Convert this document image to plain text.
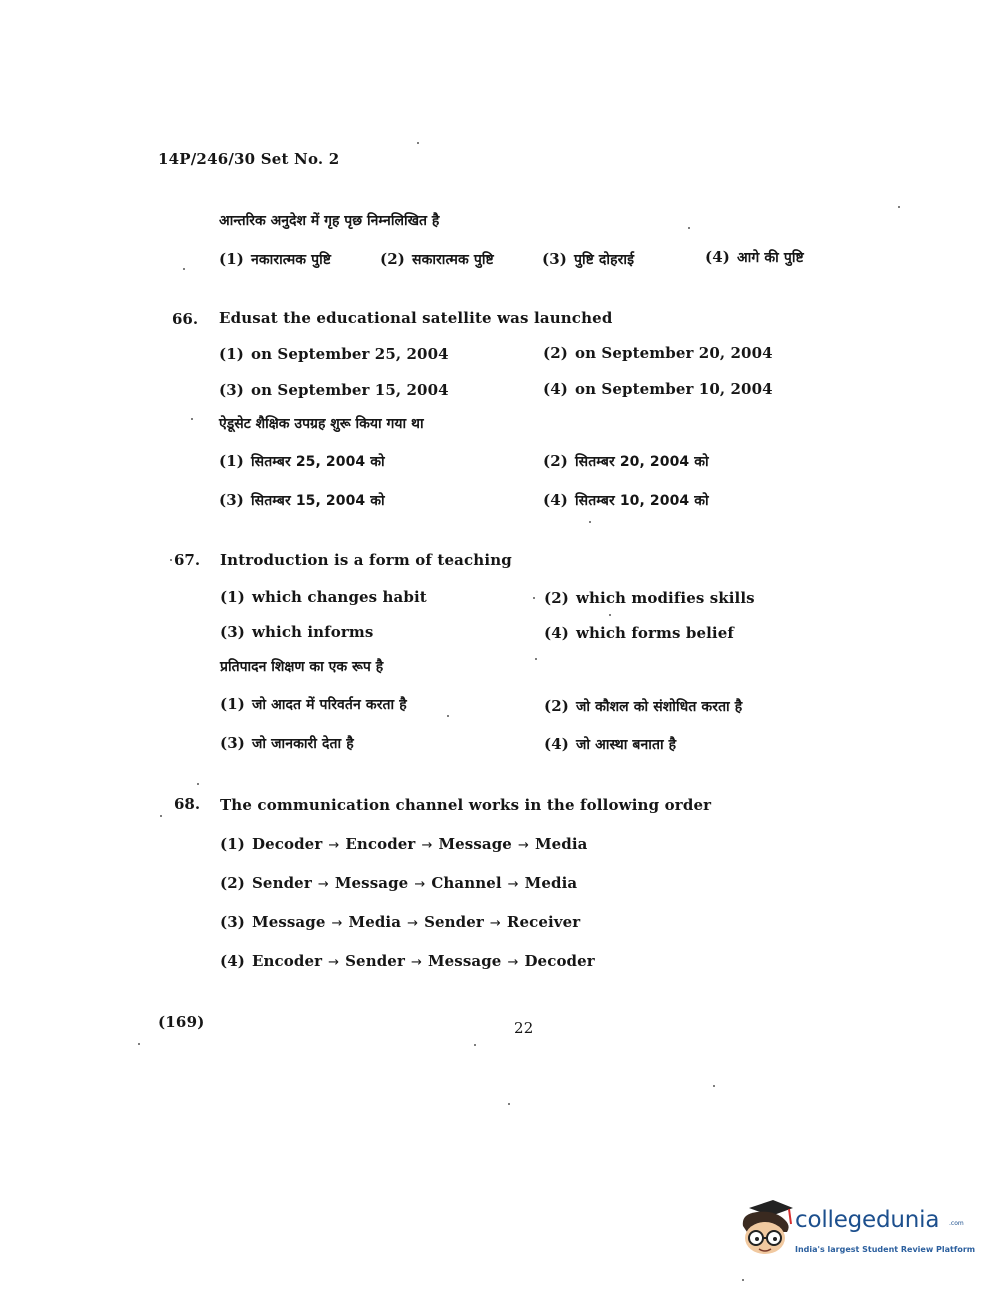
14P/246/30 Set No. 2
आन्तरिक अनुदेश में गृह पृछ निम्नलिखित है
(1) नकारात्मक पुष्टि	(2) सकारात्मक पुष्टि	(3) पुष्टि दोहराई	(4) आगे की पुष्टि
66. Edusat the educational satellite was launched
(1) on September 25, 2004	(2) on September 20, 2004
(3) on September 15, 2004	(4) on September 10, 2004
ऐडूसेट शैक्षिक उपग्रह शुरू किया गया था
(1) सितम्बर 25, 2004 को	(2) सितम्बर 20, 2004 को
(3) सितम्बर 15, 2004 को	(4) सितम्बर 10, 2004 को
67. Introduction is a form of teaching
(1) which changes habit	(2) which modifies skills
(3) which informs	(4) which forms belief
प्रतिपादन शिक्षण का एक रूप है
(1) जो आदत में परिवर्तन करता है	(2) जो कौशल को संशोधित करता है
(3) जो जानकारी देता है	(4) जो आस्था बनाता है
68. The communication channel works in the following order
(1) Decoder → Encoder → Message → Media
(2) Sender → Message → Channel → Media
(3) Message → Media → Sender → Receiver
(4) Encoder → Sender → Message → Decoder
(169)	22
collegedunia .com
India's largest Student Review Platform
